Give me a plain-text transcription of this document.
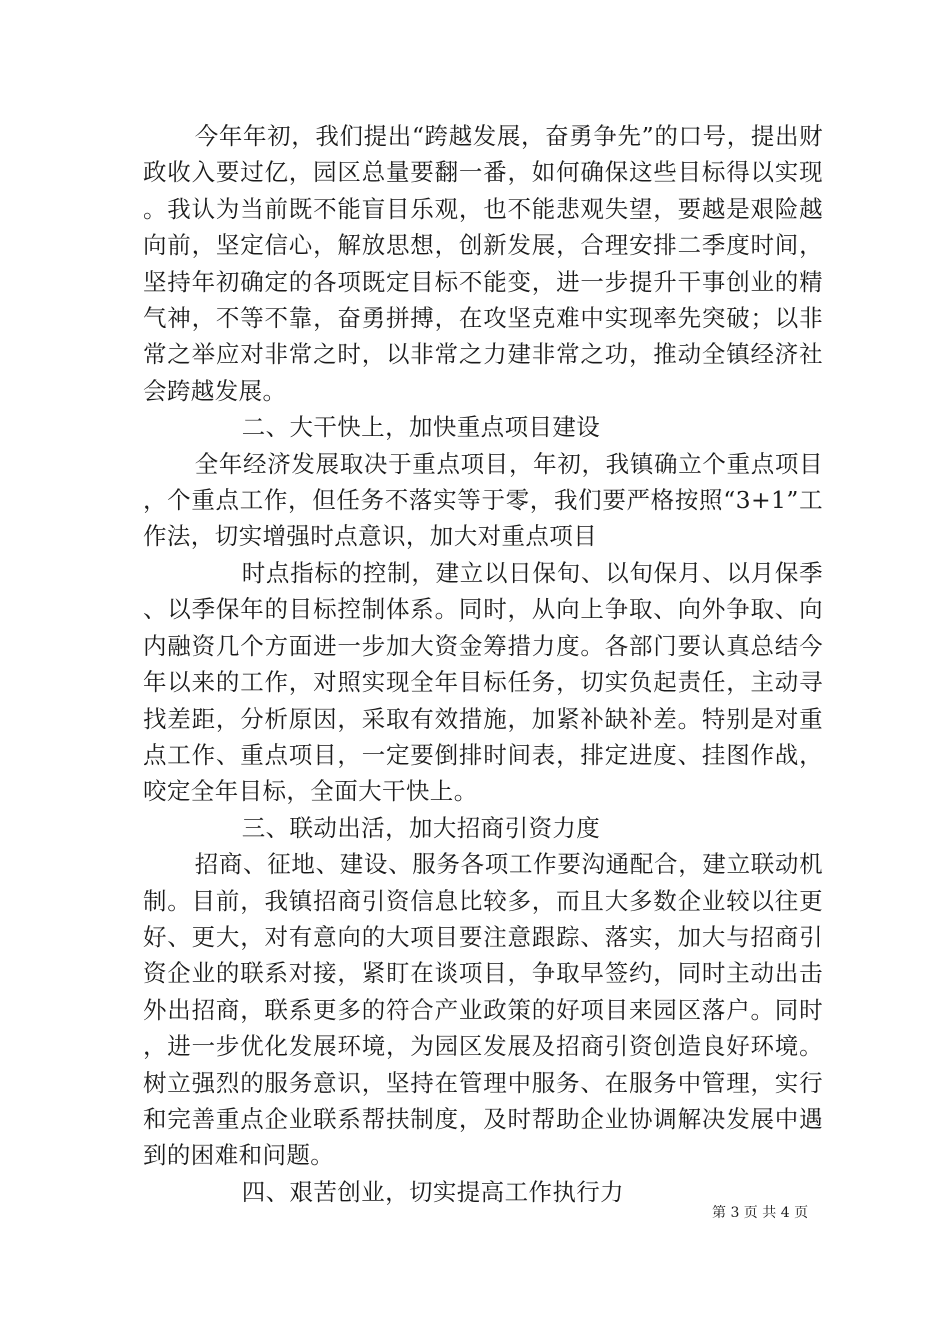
今年年初，我们提出“跨越发展，奋勇争先”的口号，提出财政收入要过亿，园区总量要翻一番，如何确保这些目标得以实现。我认为当前既不能盲目乐观，也不能悲观失望，要越是艰险越向前，坚定信心，解放思想，创新发展，合理安排二季度时间，坚持年初确定的各项既定目标不能变，进一步提升干事创业的精气神，不等不靠，奋勇拼搏，在攻坚克难中实现率先突破；以非常之举应对非常之时，以非常之力建非常之功，推动全镇经济社会跨越发展。

二、大干快上，加快重点项目建设

全年经济发展取决于重点项目，年初，我镇确立个重点项目，个重点工作，但任务不落实等于零，我们要严格按照“3+1”工作法，切实增强时点意识，加大对重点项目

时点指标的控制，建立以日保旬、以旬保月、以月保季、以季保年的目标控制体系。同时，从向上争取、向外争取、向内融资几个方面进一步加大资金筹措力度。各部门要认真总结今年以来的工作，对照实现全年目标任务，切实负起责任，主动寻找差距，分析原因，采取有效措施，加紧补缺补差。特别是对重点工作、重点项目，一定要倒排时间表，排定进度、挂图作战，咬定全年目标，全面大干快上。

三、联动出活，加大招商引资力度

招商、征地、建设、服务各项工作要沟通配合，建立联动机制。目前，我镇招商引资信息比较多，而且大多数企业较以往更好、更大，对有意向的大项目要注意跟踪、落实，加大与招商引资企业的联系对接，紧盯在谈项目，争取早签约，同时主动出击外出招商，联系更多的符合产业政策的好项目来园区落户。同时，进一步优化发展环境，为园区发展及招商引资创造良好环境。树立强烈的服务意识，坚持在管理中服务、在服务中管理，实行和完善重点企业联系帮扶制度，及时帮助企业协调解决发展中遇到的困难和问题。

四、艰苦创业，切实提高工作执行力

第 3 页 共 4 页
